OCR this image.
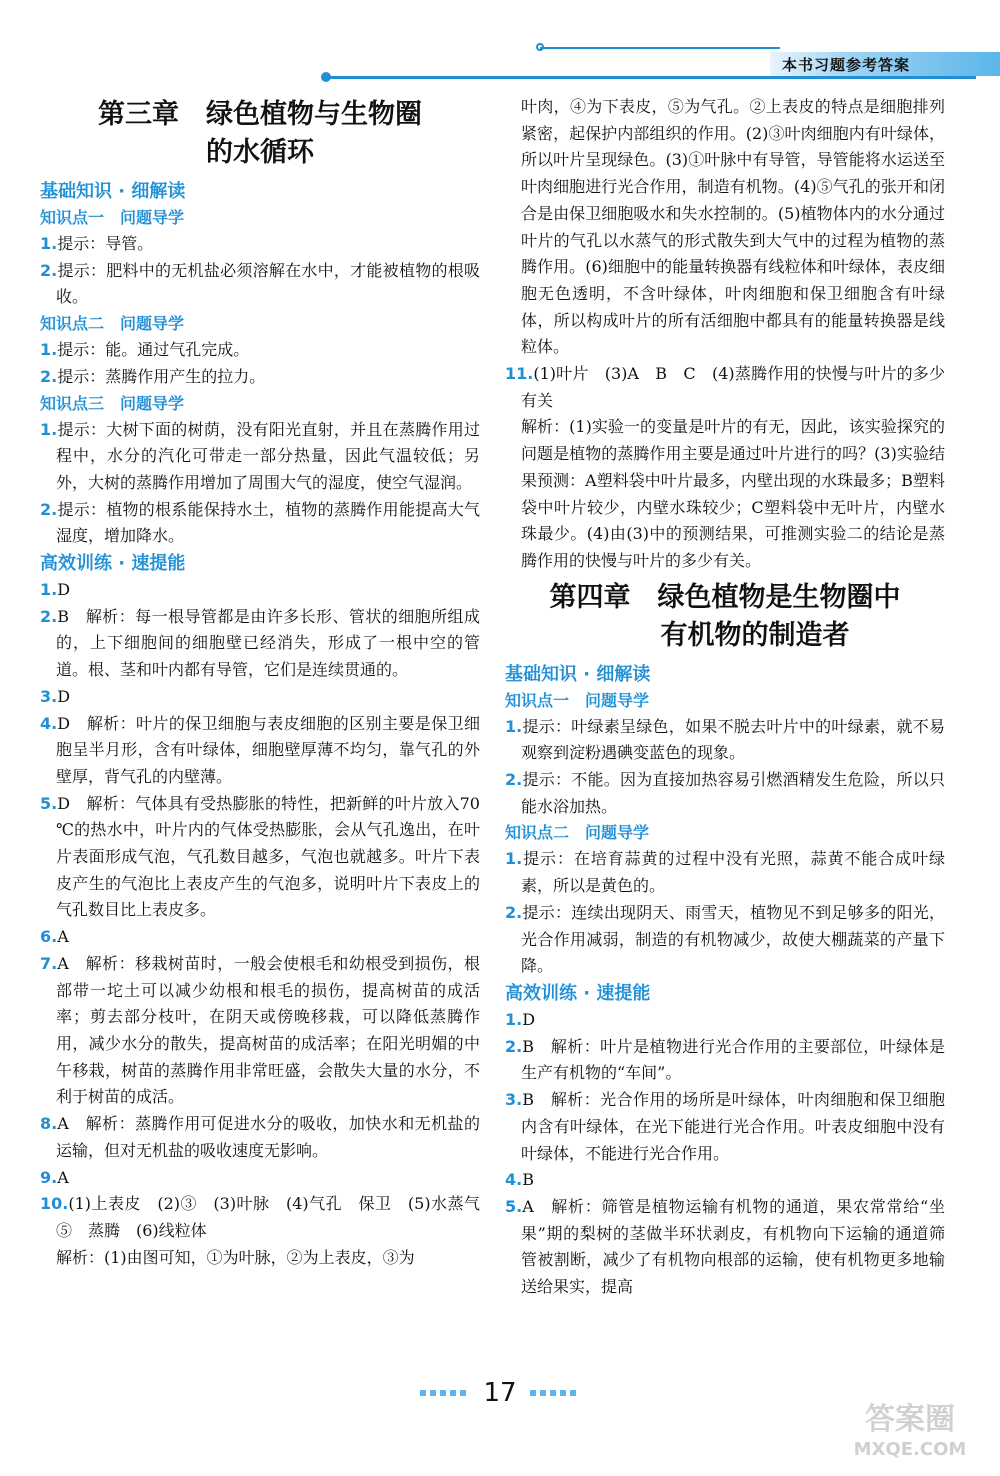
本书习题参考答案
第三章　绿色植物与生物圈
的水循环

基础知识 · 细解读

知识点一　问题导学

1.提示：导管。

2.提示：肥料中的无机盐必须溶解在水中，才能被植物的根吸收。

知识点二　问题导学

1.提示：能。通过气孔完成。

2.提示：蒸腾作用产生的拉力。

知识点三　问题导学

1.提示：大树下面的树荫，没有阳光直射，并且在蒸腾作用过程中，水分的汽化可带走一部分热量，因此气温较低；另外，大树的蒸腾作用增加了周围大气的湿度，使空气湿润。

2.提示：植物的根系能保持水土，植物的蒸腾作用能提高大气湿度，增加降水。

高效训练 · 速提能

1.D

2.B　解析：每一根导管都是由许多长形、管状的细胞所组成的，上下细胞间的细胞壁已经消失，形成了一根中空的管道。根、茎和叶内都有导管，它们是连续贯通的。

3.D

4.D　解析：叶片的保卫细胞与表皮细胞的区别主要是保卫细胞呈半月形，含有叶绿体，细胞壁厚薄不均匀，靠气孔的外壁厚，背气孔的内壁薄。

5.D　解析：气体具有受热膨胀的特性，把新鲜的叶片放入70 ℃的热水中，叶片内的气体受热膨胀，会从气孔逸出，在叶片表面形成气泡，气孔数目越多，气泡也就越多。叶片下表皮产生的气泡比上表皮产生的气泡多，说明叶片下表皮上的气孔数目比上表皮多。

6.A

7.A　解析：移栽树苗时，一般会使根毛和幼根受到损伤，根部带一坨土可以减少幼根和根毛的损伤，提高树苗的成活率；剪去部分枝叶，在阴天或傍晚移栽，可以降低蒸腾作用，减少水分的散失，提高树苗的成活率；在阳光明媚的中午移栽，树苗的蒸腾作用非常旺盛，会散失大量的水分，不利于树苗的成活。

8.A　解析：蒸腾作用可促进水分的吸收，加快水和无机盐的运输，但对无机盐的吸收速度无影响。

9.A

10.(1)上表皮　(2)③　(3)叶脉　(4)气孔　保卫　(5)水蒸气　⑤　蒸腾　(6)线粒体

解析：(1)由图可知，①为叶脉，②为上表皮，③为

叶肉，④为下表皮，⑤为气孔。②上表皮的特点是细胞排列紧密，起保护内部组织的作用。(2)③叶肉细胞内有叶绿体，所以叶片呈现绿色。(3)①叶脉中有导管，导管能将水运送至叶肉细胞进行光合作用，制造有机物。(4)⑤气孔的张开和闭合是由保卫细胞吸水和失水控制的。(5)植物体内的水分通过叶片的气孔以水蒸气的形式散失到大气中的过程为植物的蒸腾作用。(6)细胞中的能量转换器有线粒体和叶绿体，表皮细胞无色透明，不含叶绿体，叶肉细胞和保卫细胞含有叶绿体，所以构成叶片的所有活细胞中都具有的能量转换器是线粒体。

11.(1)叶片　(3)A　B　C　(4)蒸腾作用的快慢与叶片的多少有关

解析：(1)实验一的变量是叶片的有无，因此，该实验探究的问题是植物的蒸腾作用主要是通过叶片进行的吗？(3)实验结果预测：A塑料袋中叶片最多，内壁出现的水珠最多；B塑料袋中叶片较少，内壁水珠较少；C塑料袋中无叶片，内壁水珠最少。(4)由(3)中的预测结果，可推测实验二的结论是蒸腾作用的快慢与叶片的多少有关。

第四章　绿色植物是生物圈中
有机物的制造者

基础知识 · 细解读

知识点一　问题导学

1.提示：叶绿素呈绿色，如果不脱去叶片中的叶绿素，就不易观察到淀粉遇碘变蓝色的现象。

2.提示：不能。因为直接加热容易引燃酒精发生危险，所以只能水浴加热。

知识点二　问题导学

1.提示：在培育蒜黄的过程中没有光照，蒜黄不能合成叶绿素，所以是黄色的。

2.提示：连续出现阴天、雨雪天，植物见不到足够多的阳光，光合作用减弱，制造的有机物减少，故使大棚蔬菜的产量下降。

高效训练 · 速提能

1.D

2.B　解析：叶片是植物进行光合作用的主要部位，叶绿体是生产有机物的“车间”。

3.B　解析：光合作用的场所是叶绿体，叶肉细胞和保卫细胞内含有叶绿体，在光下能进行光合作用。叶表皮细胞中没有叶绿体，不能进行光合作用。

4.B

5.A　解析：筛管是植物运输有机物的通道，果农常常给“坐果”期的梨树的茎做半环状剥皮，有机物向下运输的通道筛管被割断，减少了有机物向根部的运输，使有机物更多地输送给果实，提高

17
答案圈
MXQE.COM
